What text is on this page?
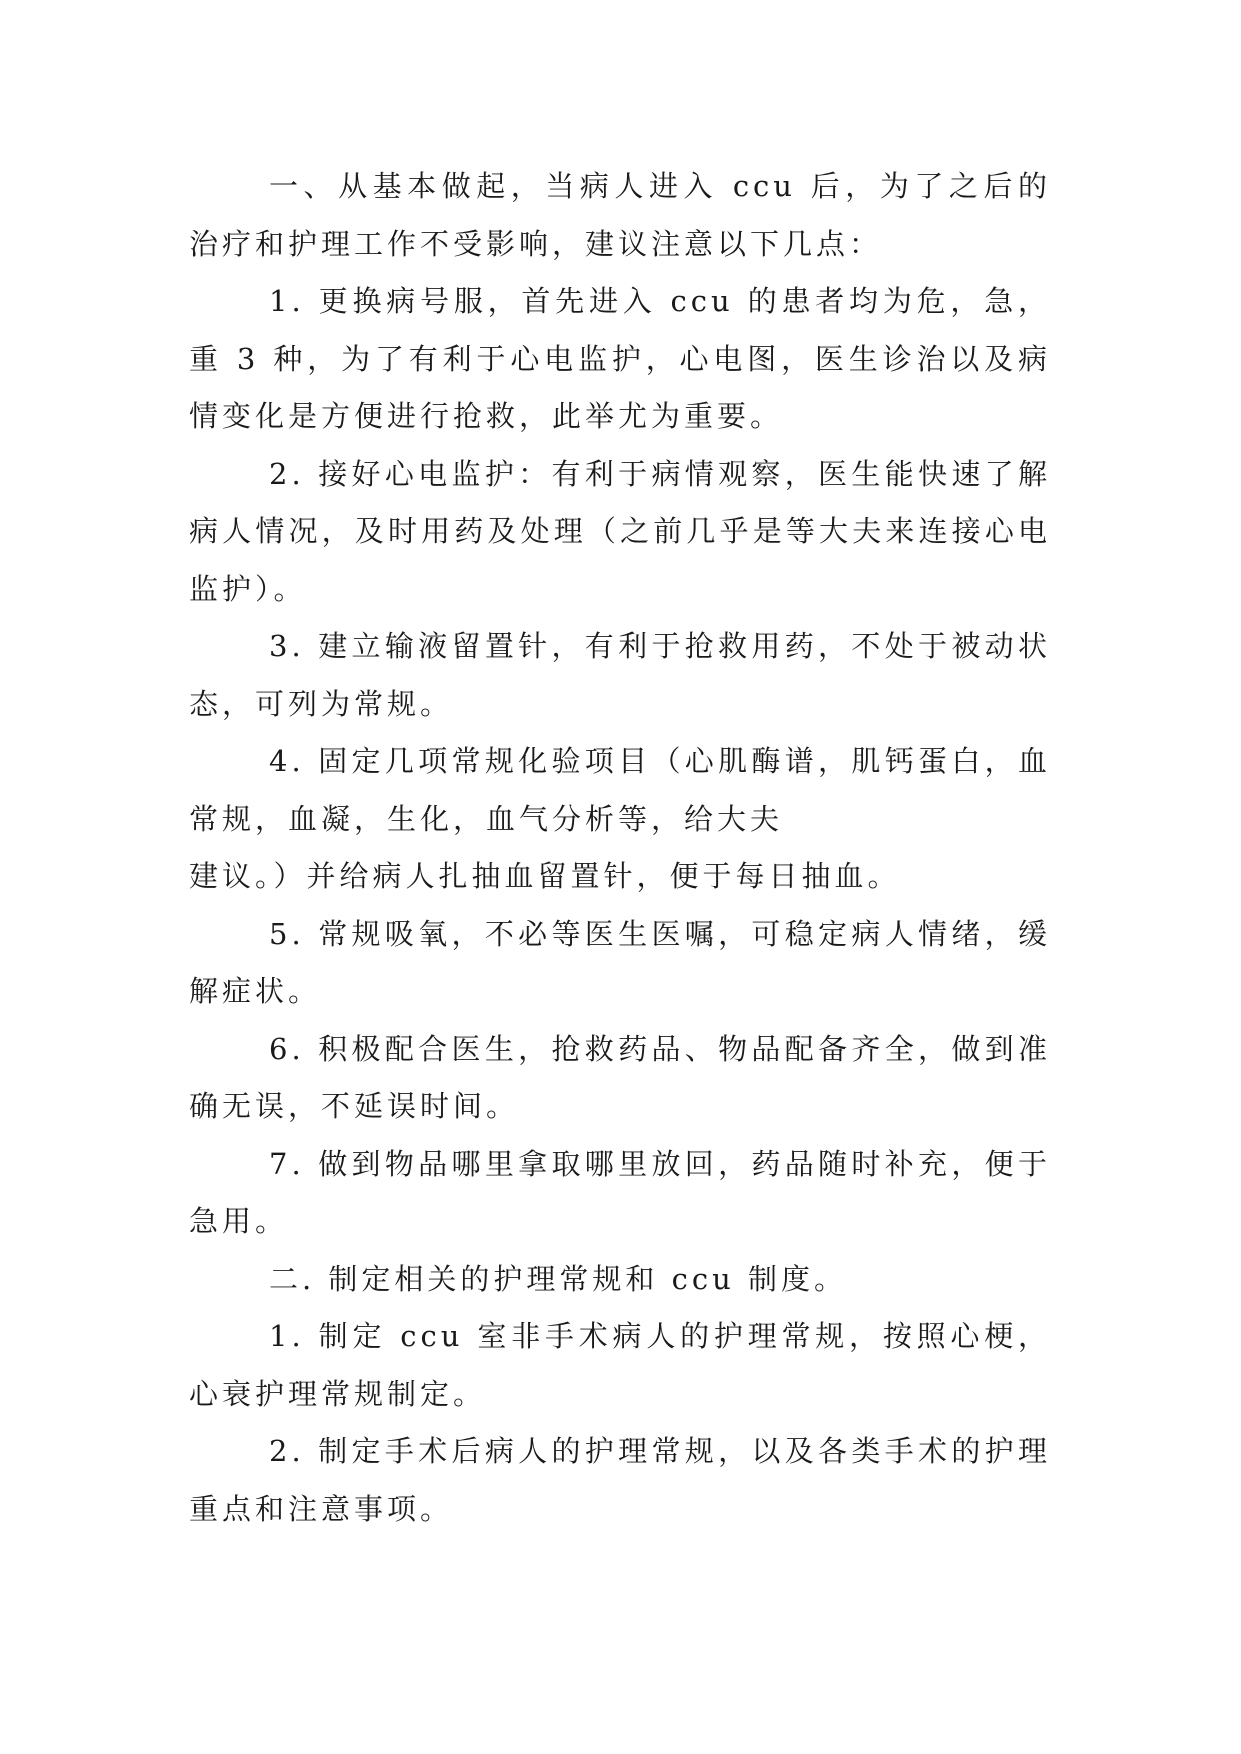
一、从基本做起，当病人进入 ccu 后，为了之后的治疗和护理工作不受影响，建议注意以下几点：

1. 更换病号服，首先进入 ccu 的患者均为危，急，重 3 种，为了有利于心电监护，心电图，医生诊治以及病情变化是方便进行抢救，此举尤为重要。

2. 接好心电监护：有利于病情观察，医生能快速了解病人情况，及时用药及处理（之前几乎是等大夫来连接心电监护）。

3. 建立输液留置针，有利于抢救用药，不处于被动状态，可列为常规。

4. 固定几项常规化验项目（心肌酶谱，肌钙蛋白，血常规，血凝，生化，血气分析等，给大夫

建议。）并给病人扎抽血留置针，便于每日抽血。

5. 常规吸氧，不必等医生医嘱，可稳定病人情绪，缓解症状。

6. 积极配合医生，抢救药品、物品配备齐全，做到准确无误，不延误时间。

7. 做到物品哪里拿取哪里放回，药品随时补充，便于急用。

二. 制定相关的护理常规和 ccu 制度。

1. 制定 ccu 室非手术病人的护理常规，按照心梗，心衰护理常规制定。

2. 制定手术后病人的护理常规，以及各类手术的护理重点和注意事项。
